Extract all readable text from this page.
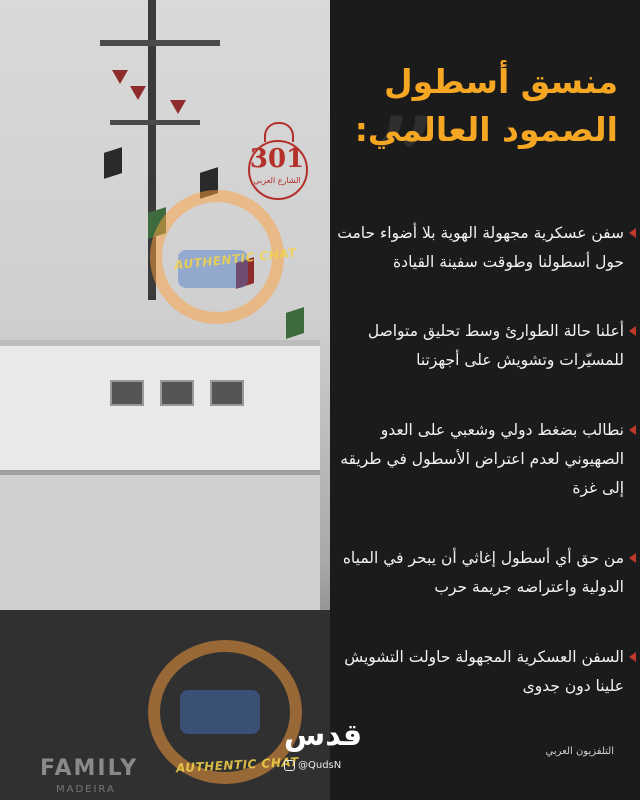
FAMILY
MADEIRA
AUTHENTIC CHAT
AUTHENTIC CHAT
301
الشارع العربي
„
منسق أسطول الصمود العالمي:
سفن عسكرية مجهولة الهوية بلا أضواء حامت حول أسطولنا وطوقت سفينة القيادة
أعلنا حالة الطوارئ وسط تحليق متواصل للمسيّرات وتشويش على أجهزتنا
نطالب بضغط دولي وشعبي على العدو الصهيوني لعدم اعتراض الأسطول في طريقه إلى غزة
من حق أي أسطول إغاثي أن يبحر في المياه الدولية واعتراضه جريمة حرب
السفن العسكرية المجهولة حاولت التشويش علينا دون جدوى
قدس
@QudsN
التلفزيون العربي
